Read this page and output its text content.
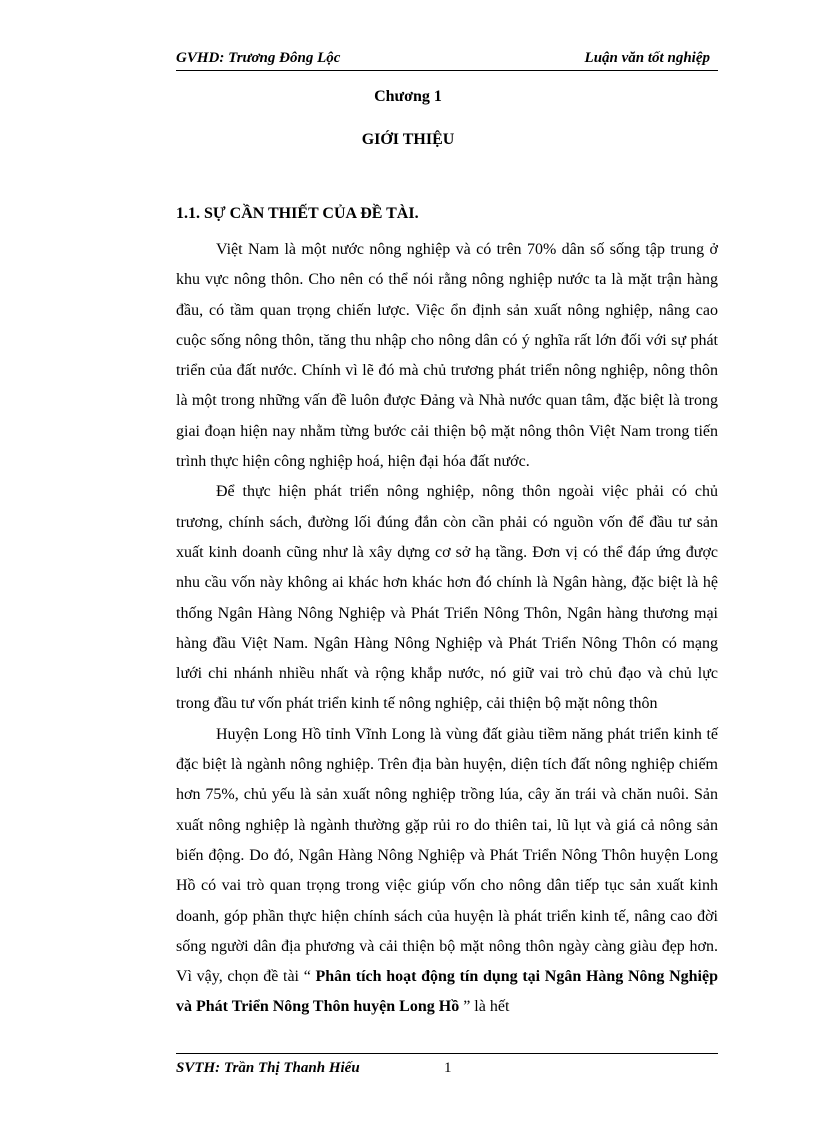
GVHD: Trương Đông Lộc	Luận văn tốt nghiệp
Chương 1
GIỚI THIỆU
1.1. SỰ CẦN THIẾT CỦA ĐỀ TÀI.

Việt Nam là một nước nông nghiệp và có trên 70% dân số sống tập trung ở khu vực nông thôn. Cho nên có thể nói rằng nông nghiệp nước ta là mặt trận hàng đầu, có tầm quan trọng chiến lược. Việc ổn định sản xuất nông nghiệp, nâng cao cuộc sống nông thôn, tăng thu nhập cho nông dân có ý nghĩa rất lớn đối với sự phát triển của đất nước. Chính vì lẽ đó mà chủ trương phát triển nông nghiệp, nông thôn là một trong những vấn đề luôn được Đảng và Nhà nước quan tâm, đặc biệt là trong giai đoạn hiện nay nhằm từng bước cải thiện bộ mặt nông thôn Việt Nam trong tiến trình thực hiện công nghiệp hoá, hiện đại hóa đất nước.

Để thực hiện phát triển nông nghiệp, nông thôn ngoài việc phải có chủ trương, chính sách, đường lối đúng đắn còn cần phải có nguồn vốn để đầu tư sản xuất kinh doanh cũng như là xây dựng cơ sở hạ tầng. Đơn vị có thể đáp ứng được nhu cầu vốn này không ai khác hơn khác hơn đó chính là Ngân hàng, đặc biệt là hệ thống Ngân Hàng Nông Nghiệp và Phát Triển Nông Thôn, Ngân hàng thương mại hàng đầu Việt Nam. Ngân Hàng Nông Nghiệp và Phát Triển Nông Thôn có mạng lưới chi nhánh nhiều nhất và rộng khắp nước, nó giữ vai trò chủ đạo và chủ lực trong đầu tư vốn phát triển kinh tế nông nghiệp, cải thiện bộ mặt nông thôn

Huyện Long Hồ tỉnh Vĩnh Long là vùng đất giàu tiềm năng phát triển kinh tế đặc biệt là ngành nông nghiệp. Trên địa bàn huyện, diện tích đất nông nghiệp chiếm hơn 75%, chủ yếu là sản xuất nông nghiệp trồng lúa, cây ăn trái và chăn nuôi. Sản xuất nông nghiệp là ngành thường gặp rủi ro do thiên tai, lũ lụt và giá cả nông sản biến động. Do đó, Ngân Hàng Nông Nghiệp và Phát Triển Nông Thôn huyện Long Hồ có vai trò quan trọng trong việc giúp vốn cho nông dân tiếp tục sản xuất kinh doanh, góp phần thực hiện chính sách của huyện là phát triển kinh tế, nâng cao đời sống người dân địa phương và cải thiện bộ mặt nông thôn ngày càng giàu đẹp hơn. Vì vậy, chọn đề tài “ Phân tích hoạt động tín dụng tại Ngân Hàng Nông Nghiệp và Phát Triển Nông Thôn huyện Long Hồ ” là hết

SVTH: Trần Thị Thanh Hiếu	1
